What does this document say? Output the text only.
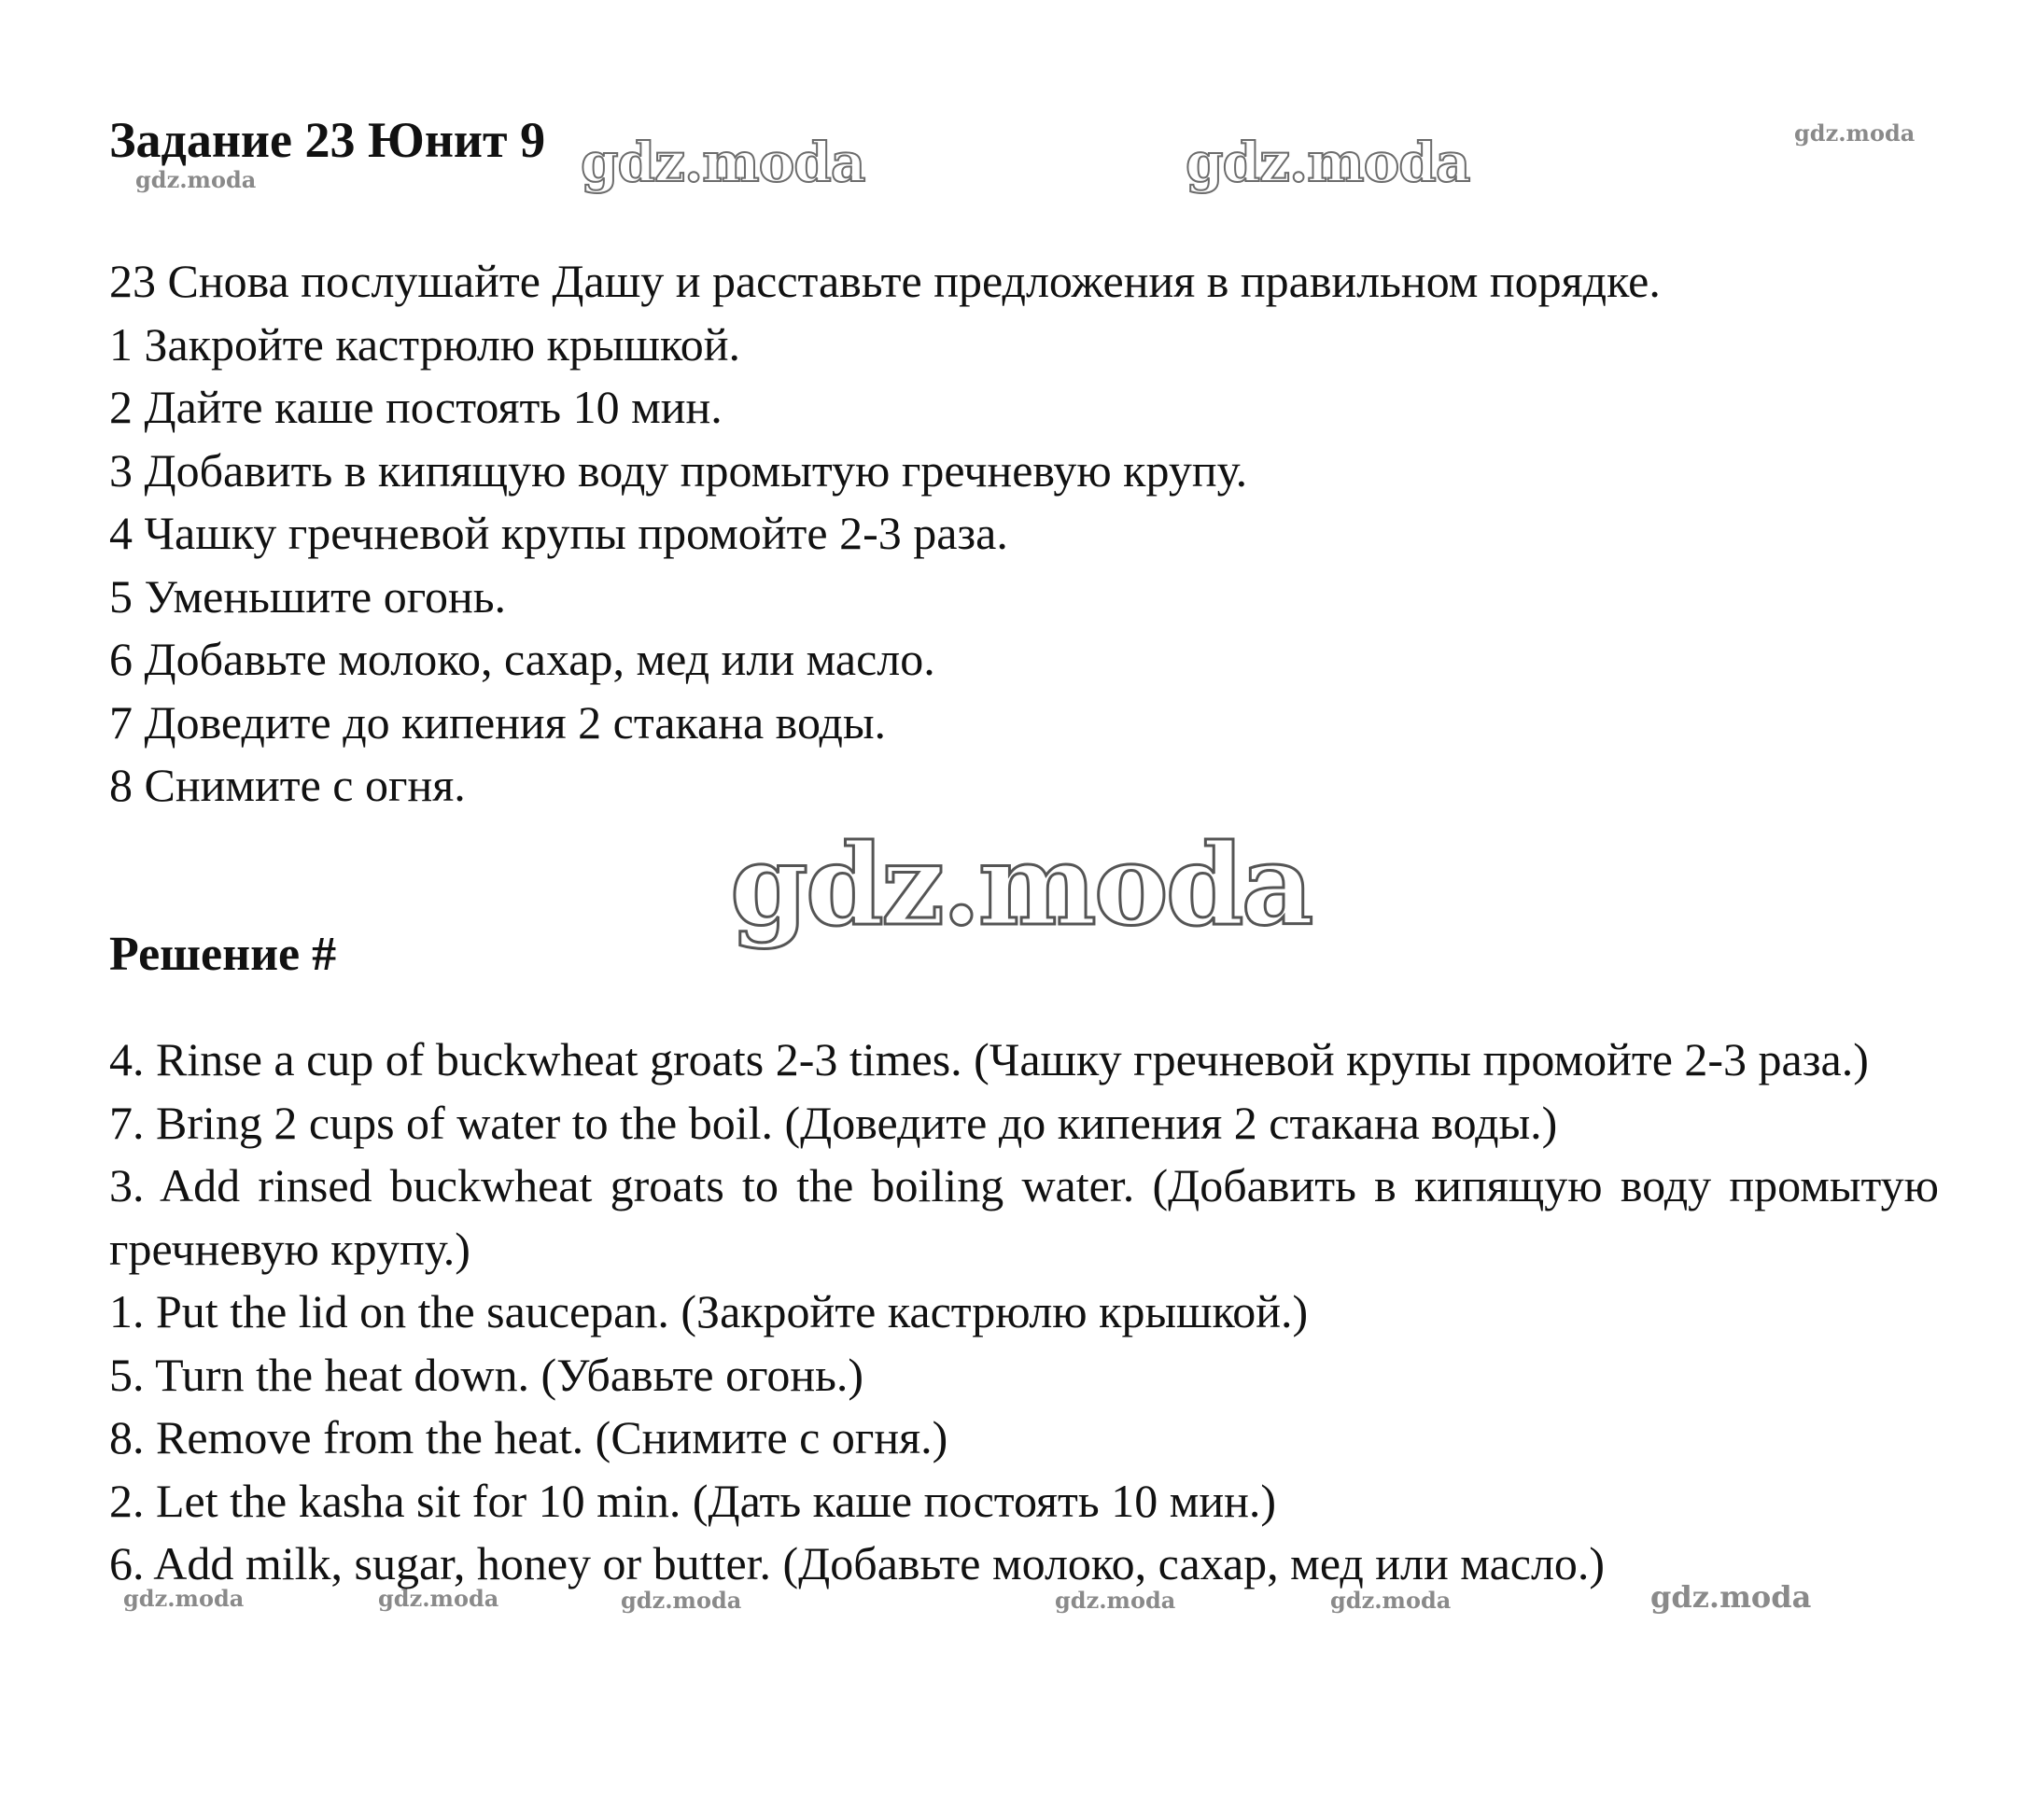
gdz.moda	gdz.moda	gdz.moda
gdz.moda
gdz.moda
gdz.moda	gdz.moda	gdz.moda	gdz.moda	gdz.moda	gdz.moda
Задание 23 Юнит 9
23 Снова послушайте Дашу и расставьте предложения в правильном порядке.
1 Закройте кастрюлю крышкой.
2 Дайте каше постоять 10 мин.
3 Добавить в кипящую воду промытую гречневую крупу.
4 Чашку гречневой крупы промойте 2-3 раза.
5 Уменьшите огонь.
6 Добавьте молоко, сахар, мед или масло.
7 Доведите до кипения 2 стакана воды.
8 Снимите с огня.
Решение #
4. Rinse a cup of buckwheat groats 2-3 times. (Чашку гречневой крупы промойте 2-3 раза.)
7. Bring 2 cups of water to the boil. (Доведите до кипения 2 стакана воды.)
3. Add rinsed buckwheat groats to the boiling water. (Добавить в кипящую воду промытую гречневую крупу.)
1. Put the lid on the saucepan. (Закройте кастрюлю крышкой.)
5. Turn the heat down. (Убавьте огонь.)
8. Remove from the heat. (Снимите с огня.)
2. Let the kasha sit for 10 min. (Дать каше постоять 10 мин.)
6. Add milk, sugar, honey or butter. (Добавьте молоко, сахар, мед или масло.)
